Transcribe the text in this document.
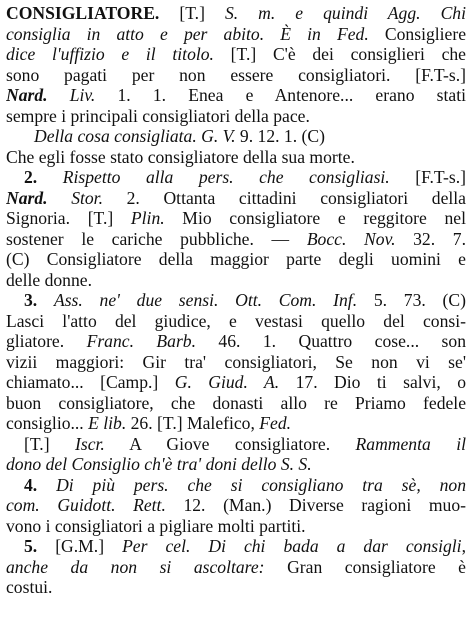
CONSIGLIATORE. [T.] S. m. e quindi Agg. Chi
consiglia in atto e per abito. È in Fed. Consigliere
dice l'uffizio e il titolo. [T.] C'è dei consiglieri che
sono pagati per non essere consigliatori. [F.T-s.]
Nard. Liv. 1. 1. Enea e Antenore... erano stati
sempre i principali consigliatori della pace.
Della cosa consigliata. G. V. 9. 12. 1. (C)
Che egli fosse stato consigliatore della sua morte.
2. Rispetto alla pers. che consigliasi. [F.T-s.]
Nard. Stor. 2. Ottanta cittadini consigliatori della
Signoria. [T.] Plin. Mio consigliatore e reggitore nel
sostener le cariche pubbliche. — Bocc. Nov. 32. 7.
(C) Consigliatore della maggior parte degli uomini e
delle donne.
3. Ass. ne' due sensi. Ott. Com. Inf. 5. 73. (C)
Lasci l'atto del giudice, e vestasi quello del consi-
gliatore. Franc. Barb. 46. 1. Quattro cose... son
vizii maggiori: Gir tra' consigliatori, Se non vi se'
chiamato... [Camp.] G. Giud. A. 17. Dio ti salvi, o
buon consigliatore, che donasti allo re Priamo fedele
consiglio... E lib. 26. [T.] Malefico, Fed.
[T.] Iscr. A Giove consigliatore. Rammenta il
dono del Consiglio ch'è tra' doni dello S. S.
4. Di più pers. che si consigliano tra sè, non
com. Guidott. Rett. 12. (Man.) Diverse ragioni muo-
vono i consigliatori a pigliare molti partiti.
5. [G.M.] Per cel. Di chi bada a dar consigli,
anche da non si ascoltare: Gran consigliatore è
costui.
